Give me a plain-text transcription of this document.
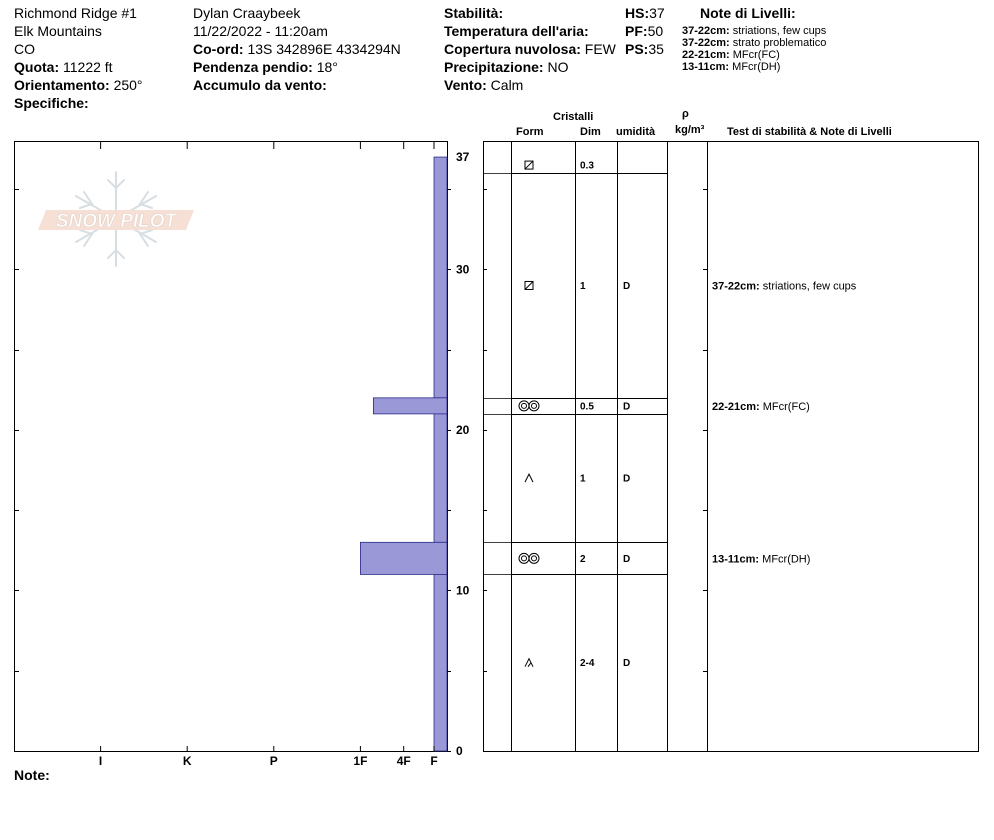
Richmond Ridge #1
Elk Mountains
CO
Quota: 11222 ft
Orientamento: 250°
Specifiche:
Dylan Craaybeek
11/22/2022 - 11:20am
Co-ord: 13S 342896E 4334294N
Pendenza pendio: 18°
Accumulo da vento:
Stabilità:
Temperatura dell'aria:
Copertura nuvolosa: FEW
Precipitazione: NO
Vento: Calm
HS:37
PF:50
PS:35
Note di Livelli:
37-22cm: striations, few cups
37-22cm: strato problematico
22-21cm: MFcr(FC)
13-11cm: MFcr(DH)
Cristalli
Form	Dim umidità
ρ
kg/m³ Test di stabilità & Note di Livelli
Note:
SNOW PILOT
0
10
20
30
37
I	K	P	1F 4F F
0.3
1	D	37-22cm: striations, few cups
0.5	D	22-21cm: MFcr(FC)
1	D
2	D	13-11cm: MFcr(DH)
2-4	D
